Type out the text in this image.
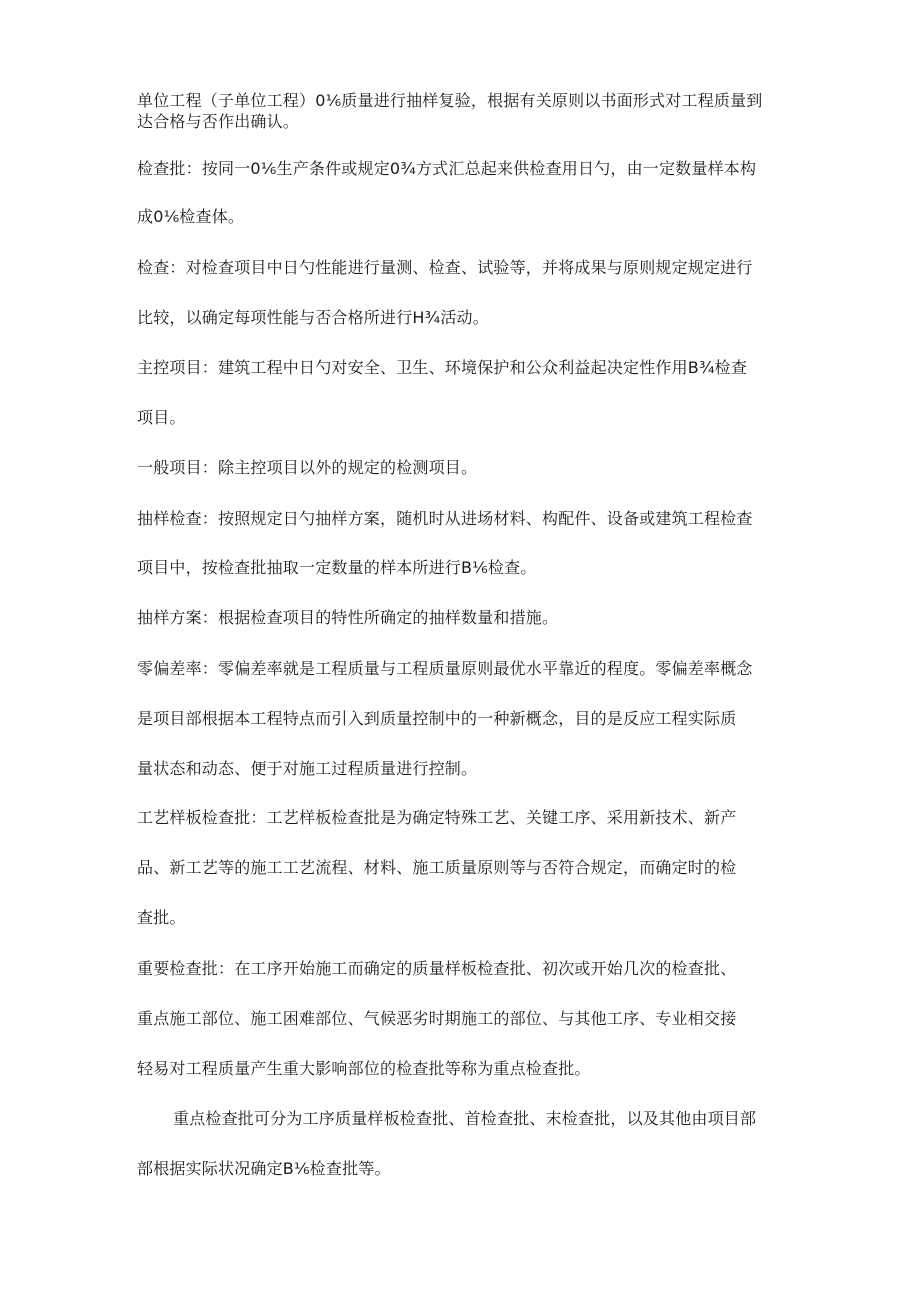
单位工程（子单位工程）0⅙质量进行抽样复验，根据有关原则以书面形式对工程质量到
达合格与否作出确认。
检查批：按同一0⅙生产条件或规定0¾方式汇总起来供检查用日勺，由一定数量样本构
成0⅙检查体。
检查：对检查项目中日勺性能进行量测、检查、试验等，并将成果与原则规定规定进行
比较，以确定每项性能与否合格所进行H¾活动。
主控项目：建筑工程中日勺对安全、卫生、环境保护和公众利益起决定性作用B¾检查
项目。
一般项目：除主控项目以外的规定的检测项目。
抽样检查：按照规定日勺抽样方案，随机时从进场材料、构配件、设备或建筑工程检查
项目中，按检查批抽取一定数量的样本所进行B⅙检查。
抽样方案：根据检查项目的特性所确定的抽样数量和措施。
零偏差率：零偏差率就是工程质量与工程质量原则最优水平靠近的程度。零偏差率概念
是项目部根据本工程特点而引入到质量控制中的一种新概念，目的是反应工程实际质
量状态和动态、便于对施工过程质量进行控制。
工艺样板检查批：工艺样板检查批是为确定特殊工艺、关键工序、采用新技术、新产
品、新工艺等的施工工艺流程、材料、施工质量原则等与否符合规定，而确定时的检
查批。
重要检查批：在工序开始施工而确定的质量样板检查批、初次或开始几次的检查批、
重点施工部位、施工困难部位、气候恶劣时期施工的部位、与其他工序、专业相交接
轻易对工程质量产生重大影响部位的检查批等称为重点检查批。
重点检查批可分为工序质量样板检查批、首检查批、末检查批，以及其他由项目部
部根据实际状况确定B⅙检查批等。
